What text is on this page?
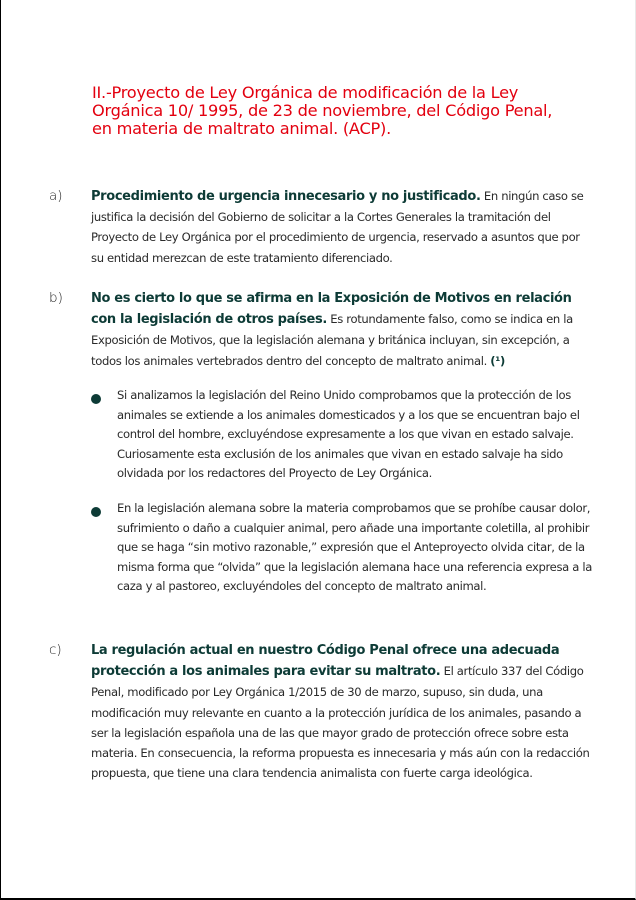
II.-Proyecto de Ley Orgánica de modificación de la Ley Orgánica 10/ 1995, de 23 de noviembre, del Código Penal, en materia de maltrato animal. (ACP).
a) Procedimiento de urgencia innecesario y no justificado. En ningún caso se justifica la decisión del Gobierno de solicitar a la Cortes Generales la tramitación del Proyecto de Ley Orgánica por el procedimiento de urgencia, reservado a asuntos que por su entidad merezcan de este tratamiento diferenciado.

b) No es cierto lo que se afirma en la Exposición de Motivos en relación con la legislación de otros países. Es rotundamente falso, como se indica en la Exposición de Motivos, que la legislación alemana y británica incluyan, sin excepción, a todos los animales vertebrados dentro del concepto de maltrato animal. (¹)

Si analizamos la legislación del Reino Unido comprobamos que la protección de los animales se extiende a los animales domesticados y a los que se encuentran bajo el control del hombre, excluyéndose expresamente a los que vivan en estado salvaje. Curiosamente esta exclusión de los animales que vivan en estado salvaje ha sido olvidada por los redactores del Proyecto de Ley Orgánica.

En la legislación alemana sobre la materia comprobamos que se prohíbe causar dolor, sufrimiento o daño a cualquier animal, pero añade una importante coletilla, al prohibir que se haga “sin motivo razonable,” expresión que el Anteproyecto olvida citar, de la misma forma que “olvida” que la legislación alemana hace una referencia expresa a la caza y al pastoreo, excluyéndoles del concepto de maltrato animal.

c) La regulación actual en nuestro Código Penal ofrece una adecuada protección a los animales para evitar su maltrato. El artículo 337 del Código Penal, modificado por Ley Orgánica 1/2015 de 30 de marzo, supuso, sin duda, una modificación muy relevante en cuanto a la protección jurídica de los animales, pasando a ser la legislación española una de las que mayor grado de protección ofrece sobre esta materia. En consecuencia, la reforma propuesta es innecesaria y más aún con la redacción propuesta, que tiene una clara tendencia animalista con fuerte carga ideológica.
